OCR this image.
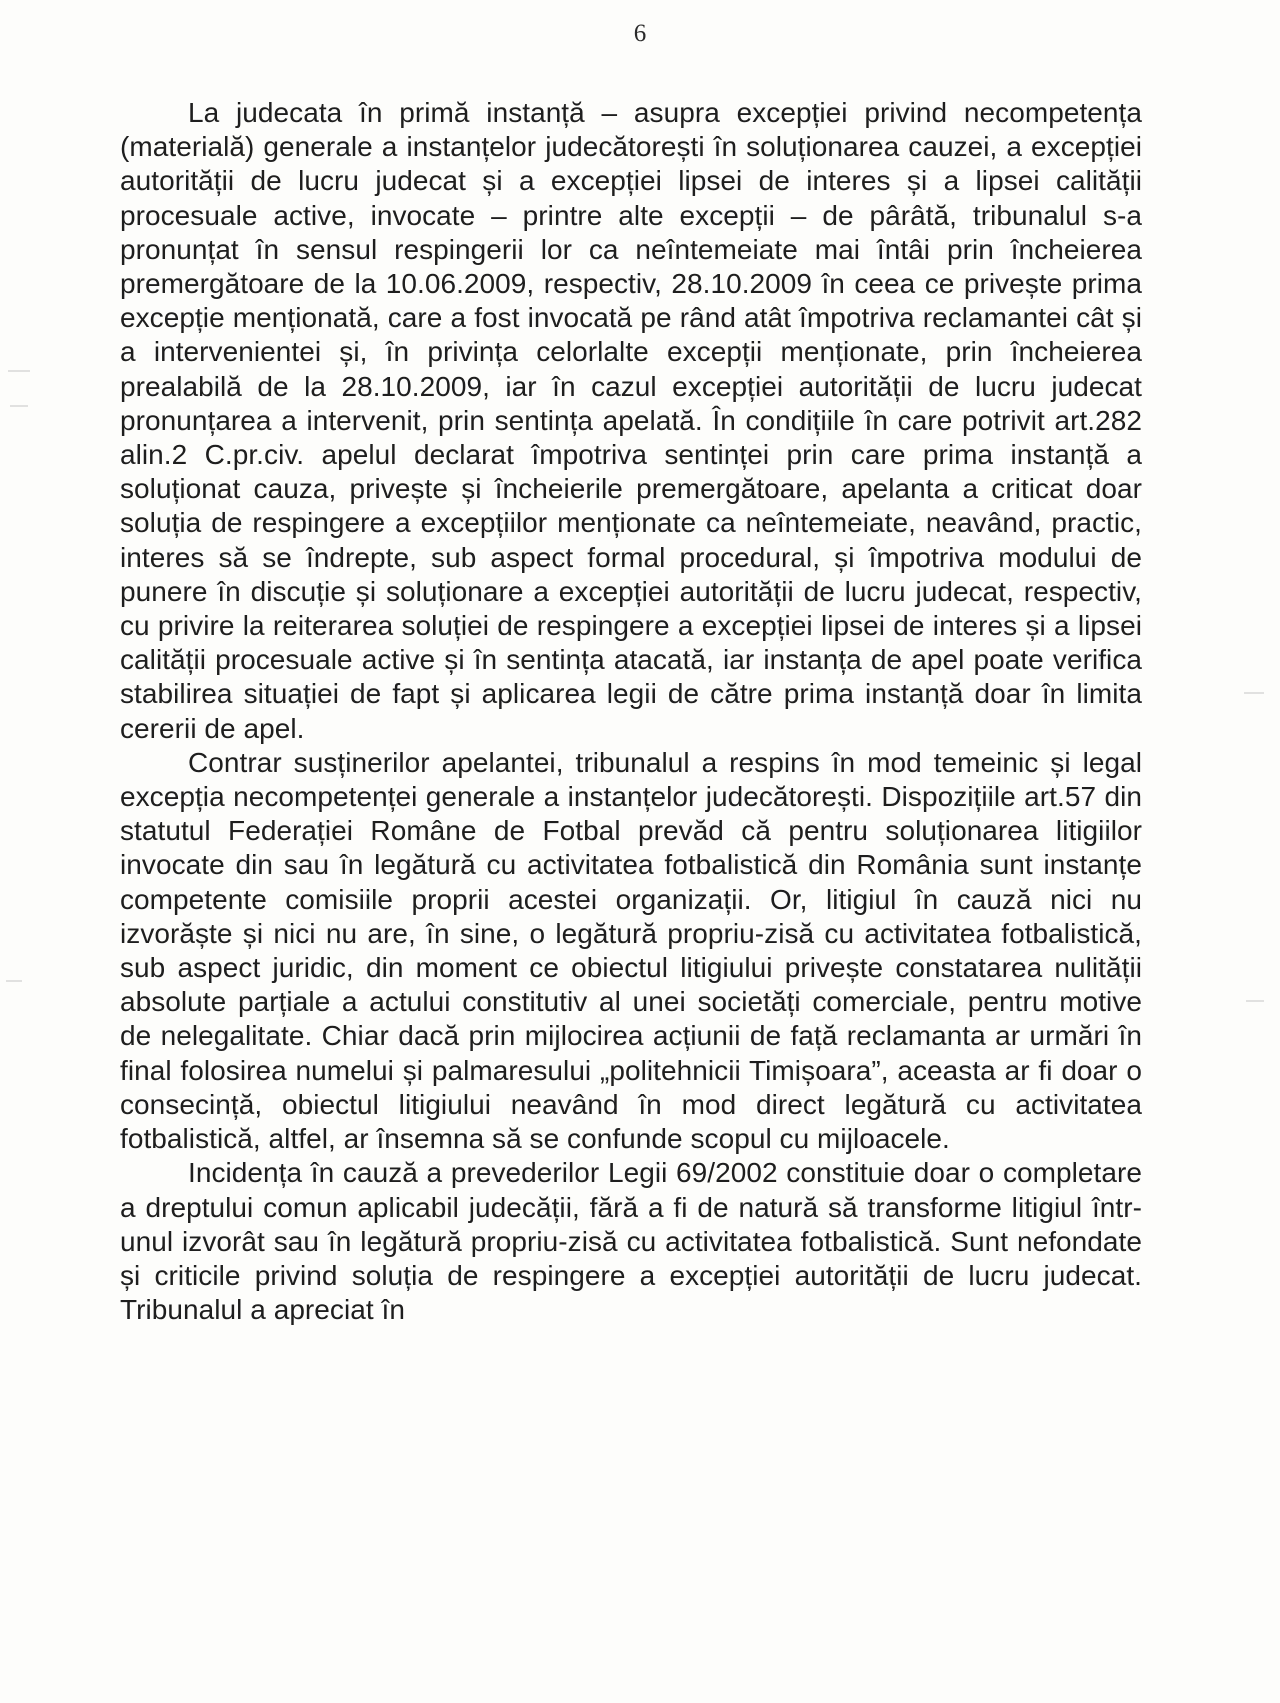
6

La judecata în primă instanță – asupra excepției privind necompetența (materială) generale a instanțelor judecătorești în soluționarea cauzei, a excepției autorității de lucru judecat și a excepției lipsei de interes și a lipsei calității procesuale active, invocate – printre alte excepții – de pârâtă, tribunalul s-a pronunțat în sensul respingerii lor ca neîntemeiate mai întâi prin încheierea premergătoare de la 10.06.2009, respectiv, 28.10.2009 în ceea ce privește prima excepție menționată, care a fost invocată pe rând atât împotriva reclamantei cât și a intervenientei și, în privința celorlalte excepții menționate, prin încheierea prealabilă de la 28.10.2009, iar în cazul excepției autorității de lucru judecat pronunțarea a intervenit, prin sentința apelată. În condițiile în care potrivit art.282 alin.2 C.pr.civ. apelul declarat împotriva sentinței prin care prima instanță a soluționat cauza, privește și încheierile premergătoare, apelanta a criticat doar soluția de respingere a excepțiilor menționate ca neîntemeiate, neavând, practic, interes să se îndrepte, sub aspect formal procedural, și împotriva modului de punere în discuție și soluționare a excepției autorității de lucru judecat, respectiv, cu privire la reiterarea soluției de respingere a excepției lipsei de interes și a lipsei calității procesuale active și în sentința atacată, iar instanța de apel poate verifica stabilirea situației de fapt și aplicarea legii de către prima instanță doar în limita cererii de apel.

Contrar susținerilor apelantei, tribunalul a respins în mod temeinic și legal excepția necompetenței generale a instanțelor judecătorești. Dispozițiile art.57 din statutul Federației Române de Fotbal prevăd că pentru soluționarea litigiilor invocate din sau în legătură cu activitatea fotbalistică din România sunt instanțe competente comisiile proprii acestei organizații. Or, litigiul în cauză nici nu izvorăște și nici nu are, în sine, o legătură propriu-zisă cu activitatea fotbalistică, sub aspect juridic, din moment ce obiectul litigiului privește constatarea nulității absolute parțiale a actului constitutiv al unei societăți comerciale, pentru motive de nelegalitate. Chiar dacă prin mijlocirea acțiunii de față reclamanta ar urmări în final folosirea numelui și palmaresului „politehnicii Timișoara”, aceasta ar fi doar o consecință, obiectul litigiului neavând în mod direct legătură cu activitatea fotbalistică, altfel, ar însemna să se confunde scopul cu mijloacele.

Incidența în cauză a prevederilor Legii 69/2002 constituie doar o completare a dreptului comun aplicabil judecății, fără a fi de natură să transforme litigiul într-unul izvorât sau în legătură propriu-zisă cu activitatea fotbalistică. Sunt nefondate și criticile privind soluția de respingere a excepției autorității de lucru judecat. Tribunalul a apreciat în
